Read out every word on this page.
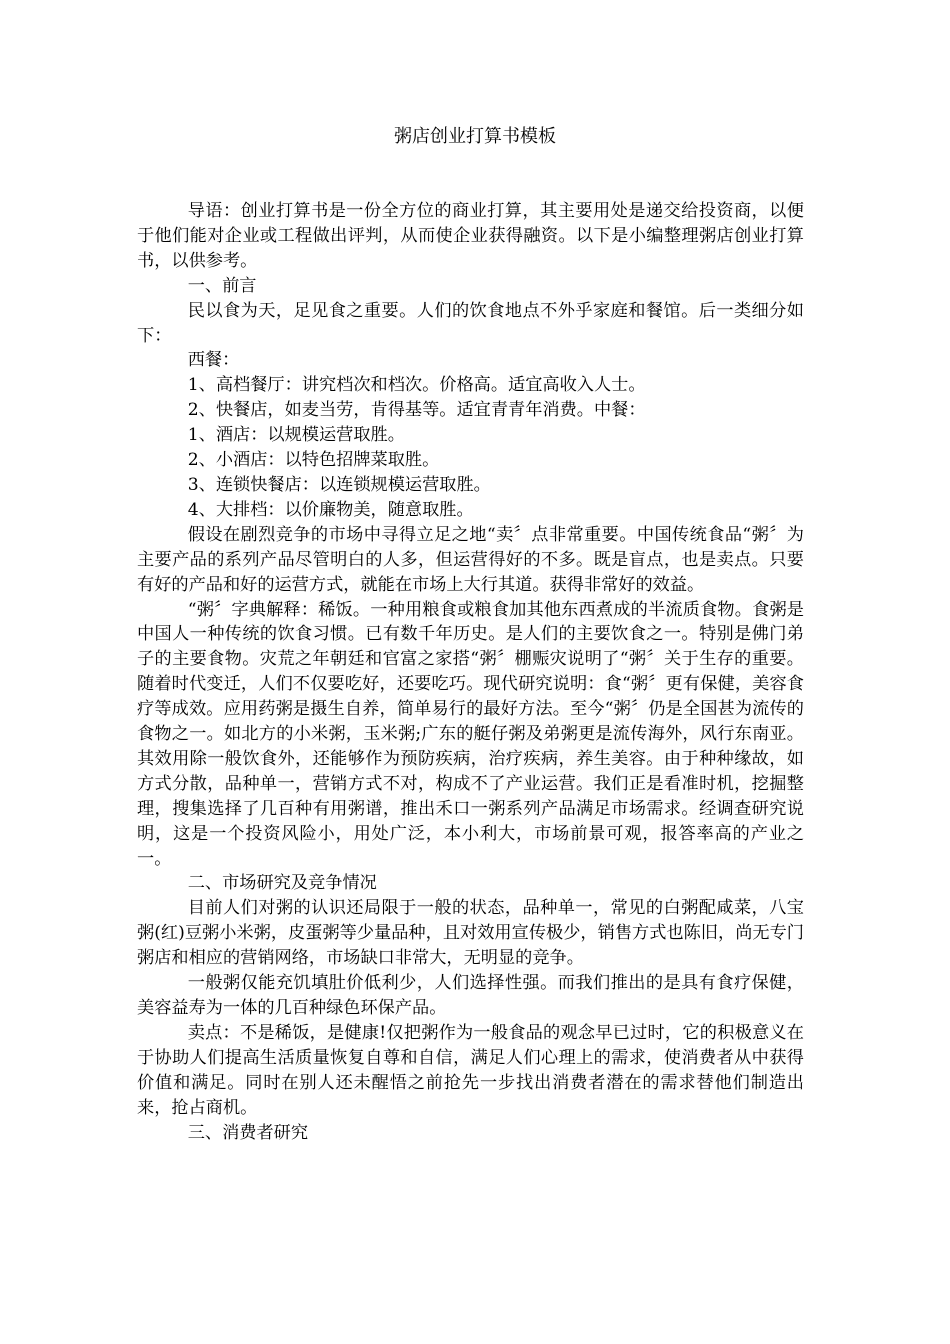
粥店创业打算书模板

导语：创业打算书是一份全方位的商业打算，其主要用处是递交给投资商，以便于他们能对企业或工程做出评判，从而使企业获得融资。以下是小编整理粥店创业打算书，以供参考。

一、前言

民以食为天，足见食之重要。人们的饮食地点不外乎家庭和餐馆。后一类细分如下：

西餐：

1、高档餐厅：讲究档次和档次。价格高。适宜高收入人士。

2、快餐店，如麦当劳，肯得基等。适宜青青年消费。中餐：

1、酒店：以规模运营取胜。

2、小酒店：以特色招牌菜取胜。

3、连锁快餐店：以连锁规模运营取胜。

4、大排档：以价廉物美，随意取胜。

假设在剧烈竞争的市场中寻得立足之地“卖〞点非常重要。中国传统食品“粥〞为主要产品的系列产品尽管明白的人多，但运营得好的不多。既是盲点，也是卖点。只要有好的产品和好的运营方式，就能在市场上大行其道。获得非常好的效益。

“粥〞字典解释：稀饭。一种用粮食或粮食加其他东西煮成的半流质食物。食粥是中国人一种传统的饮食习惯。已有数千年历史。是人们的主要饮食之一。特别是佛门弟子的主要食物。灾荒之年朝廷和官富之家搭“粥〞棚赈灾说明了“粥〞关于生存的重要。随着时代变迁，人们不仅要吃好，还要吃巧。现代研究说明：食“粥〞更有保健，美容食疗等成效。应用药粥是摄生自养，简单易行的最好方法。至今“粥〞仍是全国甚为流传的食物之一。如北方的小米粥，玉米粥;广东的艇仔粥及弟粥更是流传海外，风行东南亚。其效用除一般饮食外，还能够作为预防疾病，治疗疾病，养生美容。由于种种缘故，如方式分散，品种单一，营销方式不对，构成不了产业运营。我们正是看准时机，挖掘整理，搜集选择了几百种有用粥谱，推出禾口一粥系列产品满足市场需求。经调查研究说明，这是一个投资风险小，用处广泛，本小利大，市场前景可观，报答率高的产业之一。

二、市场研究及竞争情况

目前人们对粥的认识还局限于一般的状态，品种单一，常见的白粥配咸菜，八宝粥(红)豆粥小米粥，皮蛋粥等少量品种，且对效用宣传极少，销售方式也陈旧，尚无专门粥店和相应的营销网络，市场缺口非常大，无明显的竞争。

一般粥仅能充饥填肚价低利少，人们选择性强。而我们推出的是具有食疗保健，美容益寿为一体的几百种绿色环保产品。

卖点：不是稀饭，是健康!仅把粥作为一般食品的观念早已过时，它的积极意义在于协助人们提高生活质量恢复自尊和自信，满足人们心理上的需求，使消费者从中获得价值和满足。同时在别人还未醒悟之前抢先一步找出消费者潜在的需求替他们制造出来，抢占商机。

三、消费者研究
